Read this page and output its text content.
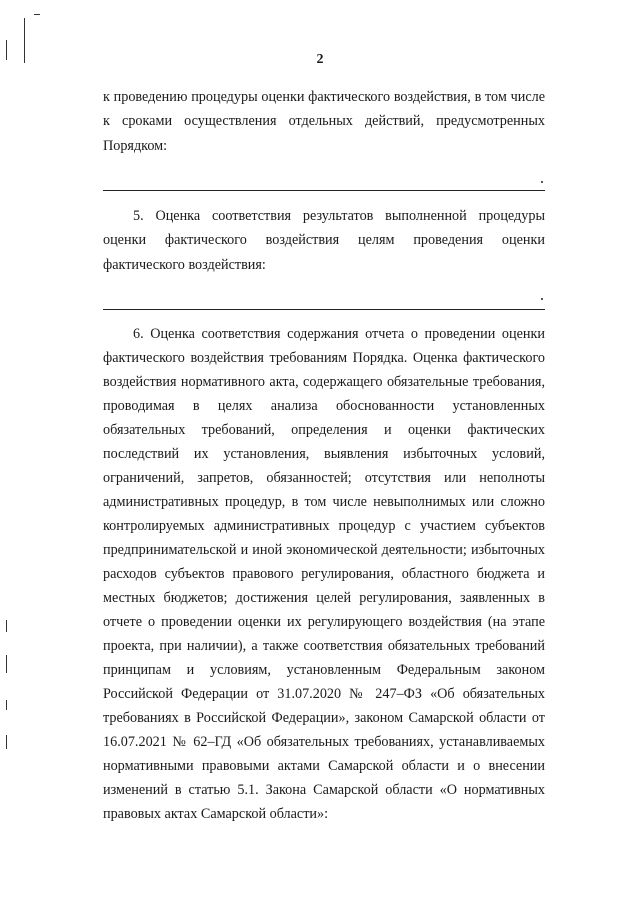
2
к проведению процедуры оценки фактического воздействия, в том числе
к сроками осуществления отдельных действий, предусмотренных
Порядком:
5. Оценка соответствия результатов выполненной процедуры
оценки фактического воздействия целям проведения оценки
фактического воздействия:
6. Оценка соответствия содержания отчета о проведении оценки
фактического воздействия требованиям Порядка. Оценка фактического
воздействия нормативного акта, содержащего обязательные требования,
проводимая в целях анализа обоснованности установленных
обязательных требований, определения и оценки фактических
последствий их установления, выявления избыточных условий,
ограничений, запретов, обязанностей; отсутствия или неполноты
административных процедур, в том числе невыполнимых или сложно
контролируемых административных процедур с участием субъектов
предпринимательской и иной экономической деятельности; избыточных
расходов субъектов правового регулирования, областного бюджета и
местных бюджетов; достижения целей регулирования, заявленных в
отчете о проведении оценки их регулирующего воздействия (на этапе
проекта, при наличии), а также соответствия обязательных требований
принципам и условиям, установленным Федеральным законом
Российской Федерации от 31.07.2020 № 247–ФЗ «Об обязательных
требованиях в Российской Федерации», законом Самарской области от
16.07.2021 № 62–ГД «Об обязательных требованиях, устанавливаемых
нормативными правовыми актами Самарской области и о внесении
изменений в статью 5.1. Закона Самарской области «О нормативных
правовых актах Самарской области»:
